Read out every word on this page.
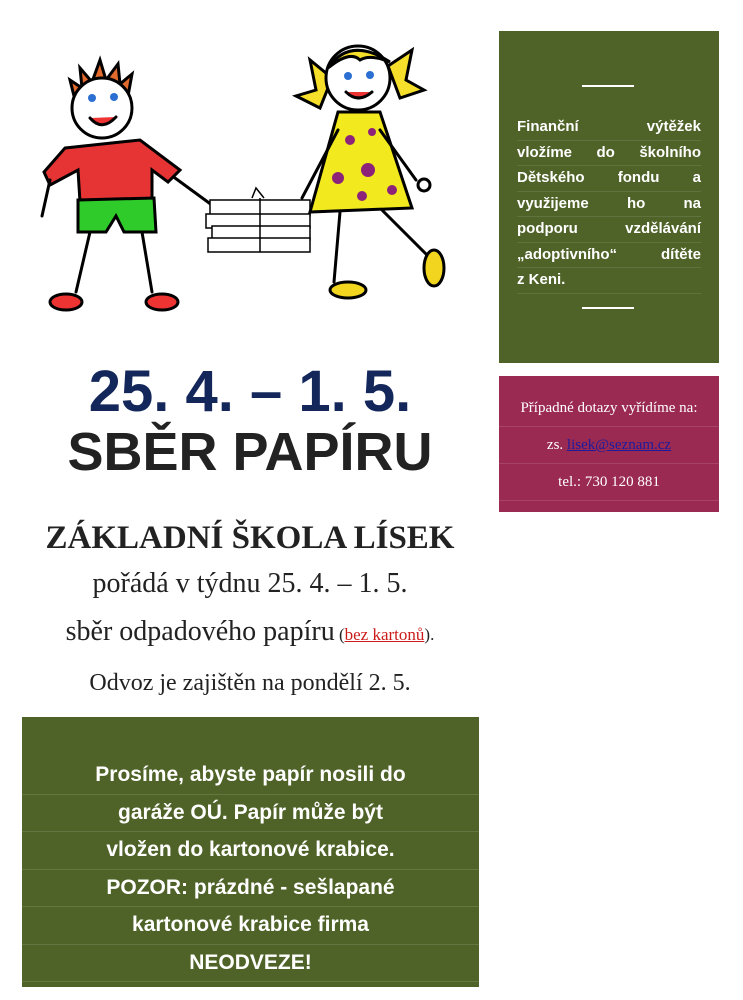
25. 4. – 1. 5.
SBĚR PAPÍRU
ZÁKLADNÍ ŠKOLA LÍSEK
pořádá v týdnu 25. 4. – 1. 5.
sběr odpadového papíru (bez kartonů).
Odvoz je zajištěn na pondělí 2. 5.
Prosíme, abyste papír nosili do
garáže OÚ. Papír může být
vložen do kartonové krabice.
POZOR: prázdné - sešlapané
kartonové krabice firma
NEODVEZE!
Finanční	výtěžek
vložíme do školního
Dětského fondu a
využijeme	ho	na
podporu	vzdělávání
„adoptivního“	dítěte
z Keni.
Případné dotazy vyřídíme na:
zs. lisek@seznam.cz
tel.: 730 120 881
